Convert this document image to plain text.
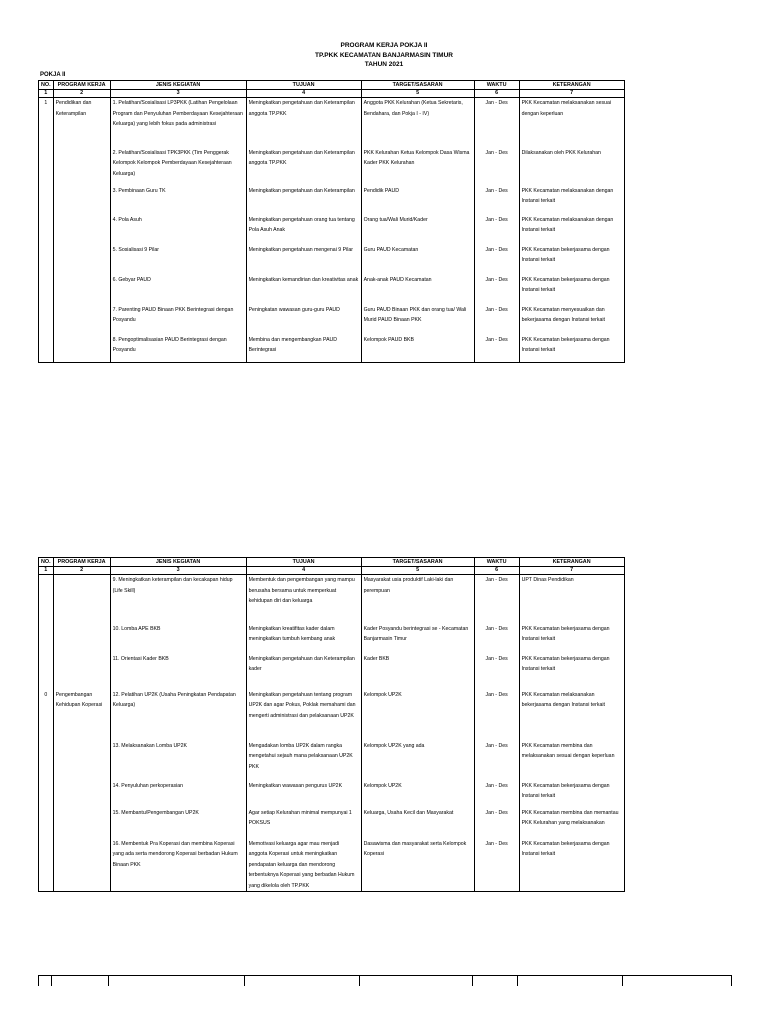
PROGRAM KERJA POKJA II
TP.PKK KECAMATAN BANJARMASIN TIMUR
TAHUN 2021
POKJA II
NO.	PROGRAM KERJA	JENIS KEGIATAN	TUJUAN	TARGET/SASARAN	WAKTU	KETERANGAN
1	2	3	4	5	6	7
1	Pendidikan dan Keterampilan	1. Pelatihan/Sosialisasi LP3PKK (Latihan Pengelolaan Program dan Penyuluhan Pemberdayaan Kesejahteraan Keluarga) yang lebih fokus pada administrasi	Meningkatkan pengetahuan dan Keterampilan anggota TP.PKK	Anggota PKK Kelurahan (Ketua Sekretaris, Bendahara, dan Pokja I - IV)	Jan - Des	PKK Kecamatan melaksanakan sesuai dengan keperluan
		2. Pelatihan/Sosialisasi TPK3PKK (Tim Penggerak Kelompok Kelompok Pemberdayaan Kesejahteraan Keluarga)	Meningkatkan pengetahuan dan Keterampilan anggota TP.PKK	PKK Kelurahan Ketua Kelompok Dasa Wisma Kader PKK Kelurahan	Jan - Des	Dilaksanakan oleh PKK Kelurahan
		3. Pembinaan Guru TK	Meningkatkan pengetahuan dan Keterampilan	Pendidik PAUD	Jan - Des	PKK Kecamatan melaksanakan dengan Instansi terkait
		4. Pola Asuh	Meningkatkan pengetahuan orang tua tentang Pola Asuh Anak	Orang tua/Wali Murid/Kader	Jan - Des	PKK Kecamatan melaksanakan dengan Instansi terkait
		5. Sosialisasi 9 Pilar	Meningkatkan pengetahuan mengenai 9 Pilar	Guru PAUD Kecamatan	Jan - Des	PKK Kecamatan bekerjasama dengan Instansi terkait
		6. Gebyar PAUD	Meningkatkan kemandirian dan kreativitas anak	Anak-anak PAUD Kecamatan	Jan - Des	PKK Kecamatan bekerjasama dengan Instansi terkait
		7. Parenting PAUD Binaan PKK Berintegrasi dengan Posyandu	Peningkatan wawasan guru-guru PAUD	Guru PAUD Binaan PKK dan orang tua/ Wali Murid PAUD Binaan PKK	Jan - Des	PKK Kecamatan menyesuaikan dan bekerjasama dengan Instansi terkait
		8. Pengoptimalisasian PAUD Berintegrasi dengan Posyandu	Membina dan mengembangkan PAUD Berintegrasi	Kelompok PAUD BKB	Jan - Des	PKK Kecamatan bekerjasama dengan Instansi terkait
NO.	PROGRAM KERJA	JENIS KEGIATAN	TUJUAN	TARGET/SASARAN	WAKTU	KETERANGAN
1	2	3	4	5	6	7
		9. Meningkatkan keterampilan dan kecakapan hidup (Life Skill)	Membentuk dan pengembangan yang mampu berusaha bersama untuk memperkuat kehidupan diri dan keluarga	Masyarakat usia produktif Laki-laki dan perempuan	Jan - Des	UPT Dinas Pendidikan
		10. Lomba APE BKB	Meningkatkan kreatifitas kader dalam meningkatkan tumbuh kembang anak	Kader Posyandu berintegrasi se - Kecamatan Banjarmasin Timur	Jan - Des	PKK Kecamatan bekerjasama dengan Instansi terkait
		11. Orientasi Kader BKB	Meningkatkan pengetahuan dan Keterampilan kader	Kader BKB	Jan - Des	PKK Kecamatan bekerjasama dengan Instansi terkait
0	Pengembangan Kehidupan Koperasi	12. Pelatihan UP2K (Usaha Peningkatan Pendapatan Keluarga)	Meningkatkan pengetahuan tentang program UP2K dan agar Pokus, Poklak memahami dan mengerti administrasi dan pelaksanaan UP2K	Kelompok UP2K	Jan - Des	PKK Kecamatan melaksanakan bekerjasama dengan Instansi terkait
		13. Melaksanakan Lomba UP2K	Mengadakan lomba UP2K dalam rangka mengetahui sejauh mana pelaksanaan UP2K PKK	Kelompok UP2K yang ada	Jan - Des	PKK Kecamatan membina dan melaksanakan sesuai dengan keperluan
		14. Penyuluhan perkoperasian	Meningkatkan wawasan pengurus UP2K	Kelompok UP2K	Jan - Des	PKK Kecamatan bekerjasama dengan Instansi terkait
		15. Membantu/Pengembangan UP2K	Agar setiap Kelurahan minimal mempunyai 1 POKSUS	Keluarga, Usaha Kecil dan Masyarakat	Jan - Des	PKK Kecamatan membina dan memantau PKK Kelurahan yang melaksanakan
		16. Membentuk Pra Koperasi dan membina Koperasi yang ada serta mendorong Koperasi berbadan Hukum Binaan PKK	Memotivasi keluarga agar mau menjadi anggota Koperasi untuk meningkatkan pendapatan keluarga dan mendorong terbentuknya Koperasi yang berbadan Hukum yang dikelola oleh TP.PKK	Dasawisma dan masyarakat serta Kelompok Koperasi	Jan - Des	PKK Kecamatan bekerjasama dengan Instansi terkait
